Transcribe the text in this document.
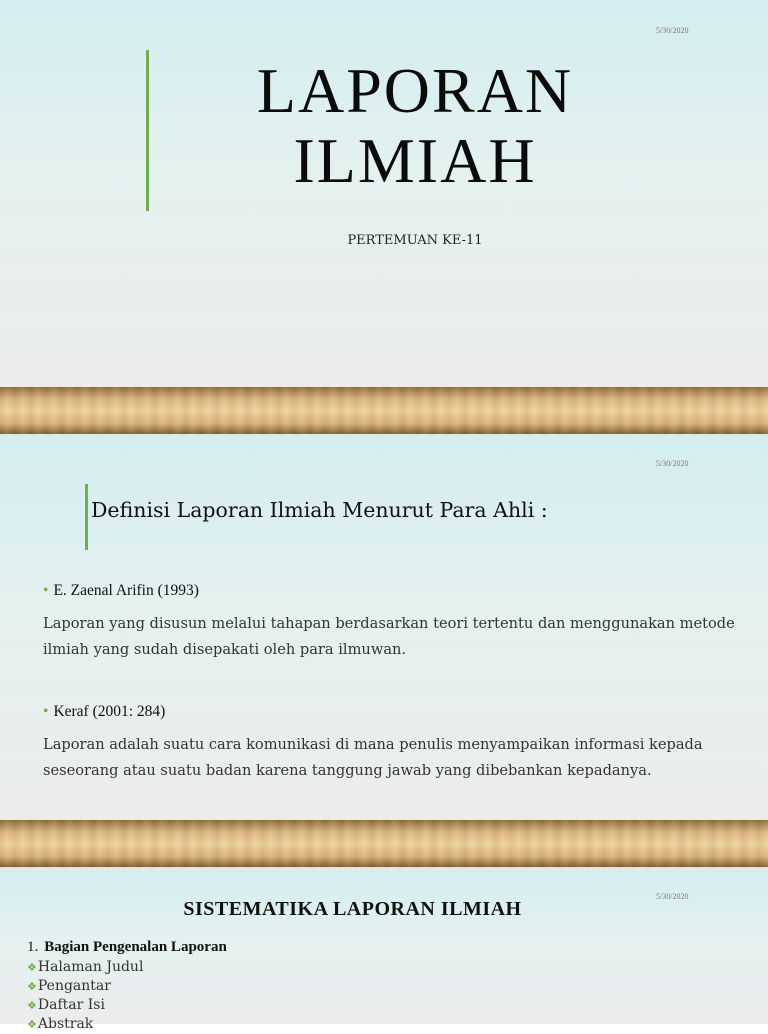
5/30/2020
LAPORAN
ILMIAH
PERTEMUAN KE-11
5/30/2020
Definisi Laporan Ilmiah Menurut Para Ahli :
• E. Zaenal Arifin (1993)
Laporan yang disusun melalui tahapan berdasarkan teori tertentu dan menggunakan metode ilmiah yang sudah disepakati oleh para ilmuwan.
• Keraf (2001: 284)
Laporan adalah suatu cara komunikasi di mana penulis menyampaikan informasi kepada seseorang atau suatu badan karena tanggung jawab yang dibebankan kepadanya.
5/30/2020
SISTEMATIKA LAPORAN ILMIAH
1. Bagian Pengenalan Laporan
❖Halaman Judul
❖Pengantar
❖Daftar Isi
❖Abstrak
